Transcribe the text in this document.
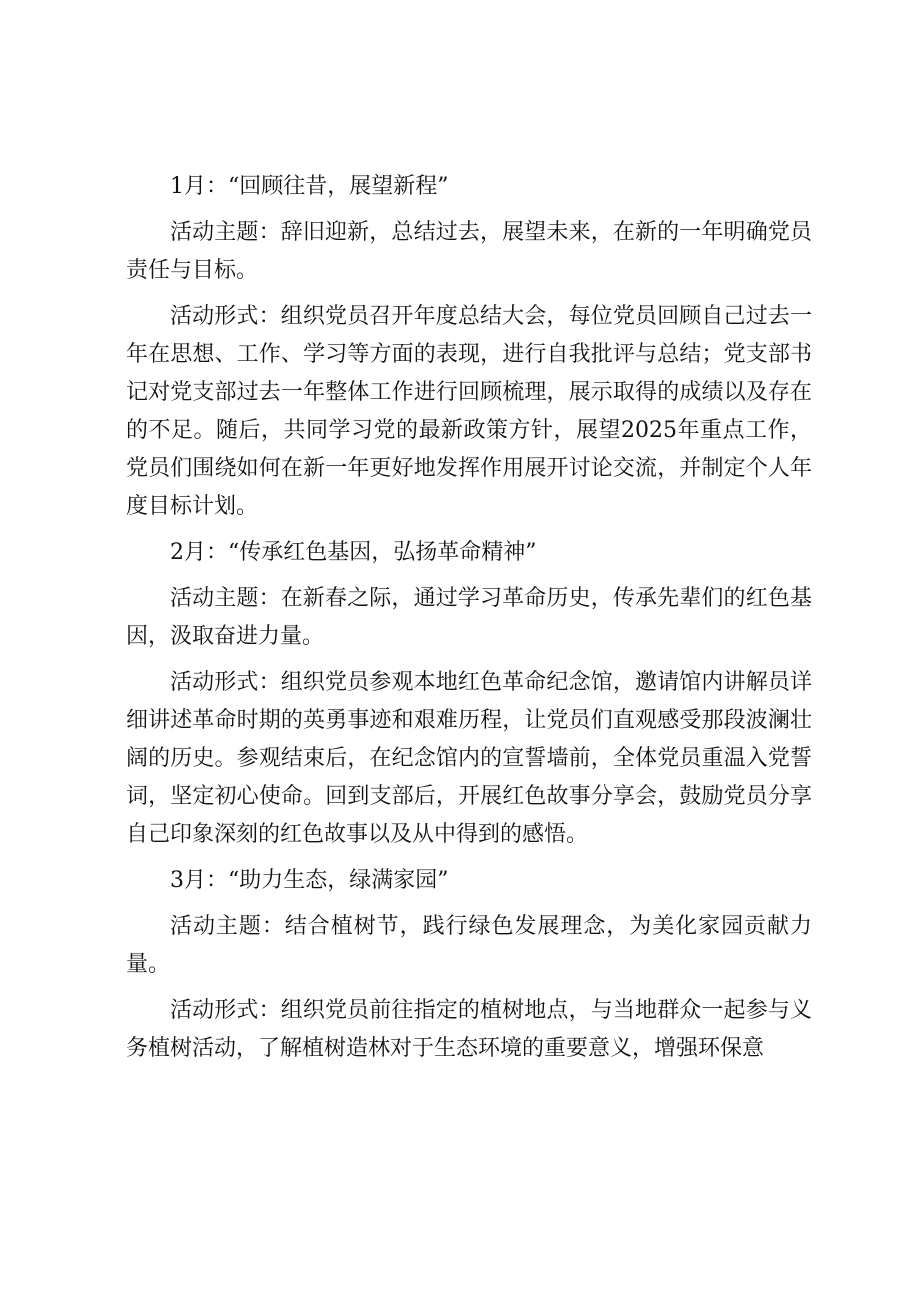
1月：“回顾往昔，展望新程”

活动主题：辞旧迎新，总结过去，展望未来，在新的一年明确党员责任与目标。

活动形式：组织党员召开年度总结大会，每位党员回顾自己过去一年在思想、工作、学习等方面的表现，进行自我批评与总结；党支部书记对党支部过去一年整体工作进行回顾梳理，展示取得的成绩以及存在的不足。随后，共同学习党的最新政策方针，展望2025年重点工作，党员们围绕如何在新一年更好地发挥作用展开讨论交流，并制定个人年度目标计划。

2月：“传承红色基因，弘扬革命精神”

活动主题：在新春之际，通过学习革命历史，传承先辈们的红色基因，汲取奋进力量。

活动形式：组织党员参观本地红色革命纪念馆，邀请馆内讲解员详细讲述革命时期的英勇事迹和艰难历程，让党员们直观感受那段波澜壮阔的历史。参观结束后，在纪念馆内的宣誓墙前，全体党员重温入党誓词，坚定初心使命。回到支部后，开展红色故事分享会，鼓励党员分享自己印象深刻的红色故事以及从中得到的感悟。

3月：“助力生态，绿满家园”

活动主题：结合植树节，践行绿色发展理念，为美化家园贡献力量。

活动形式：组织党员前往指定的植树地点，与当地群众一起参与义务植树活动，了解植树造林对于生态环境的重要意义，增强环保意
